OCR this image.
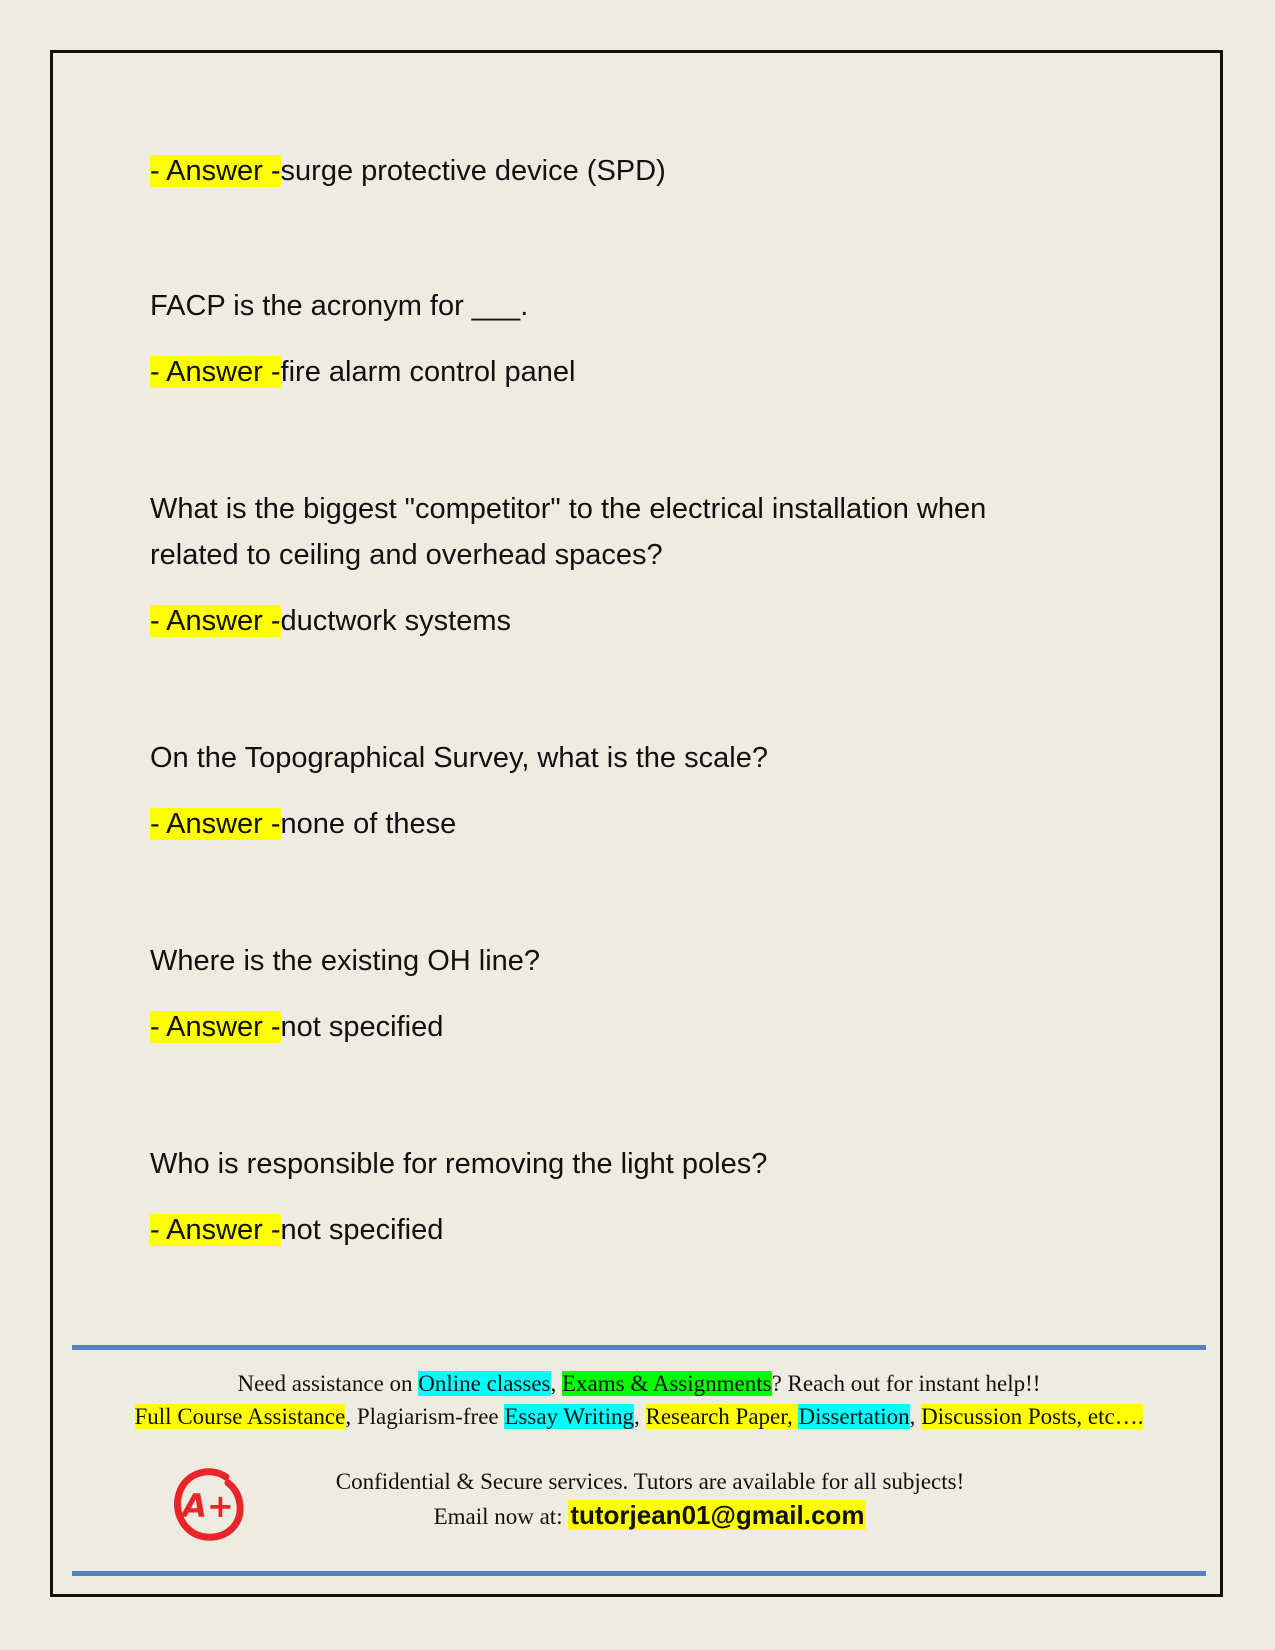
- Answer -surge protective device (SPD)
FACP is the acronym for ___.
- Answer -fire alarm control panel
What is the biggest "competitor" to the electrical installation when related to ceiling and overhead spaces?
- Answer -ductwork systems
On the Topographical Survey, what is the scale?
- Answer -none of these
Where is the existing OH line?
- Answer -not specified
Who is responsible for removing the light poles?
- Answer -not specified
Need assistance on Online classes, Exams & Assignments? Reach out for instant help!!
Full Course Assistance, Plagiarism-free Essay Writing, Research Paper, Dissertation, Discussion Posts, etc….
Confidential & Secure services. Tutors are available for all subjects!
Email now at: tutorjean01@gmail.com
A+
